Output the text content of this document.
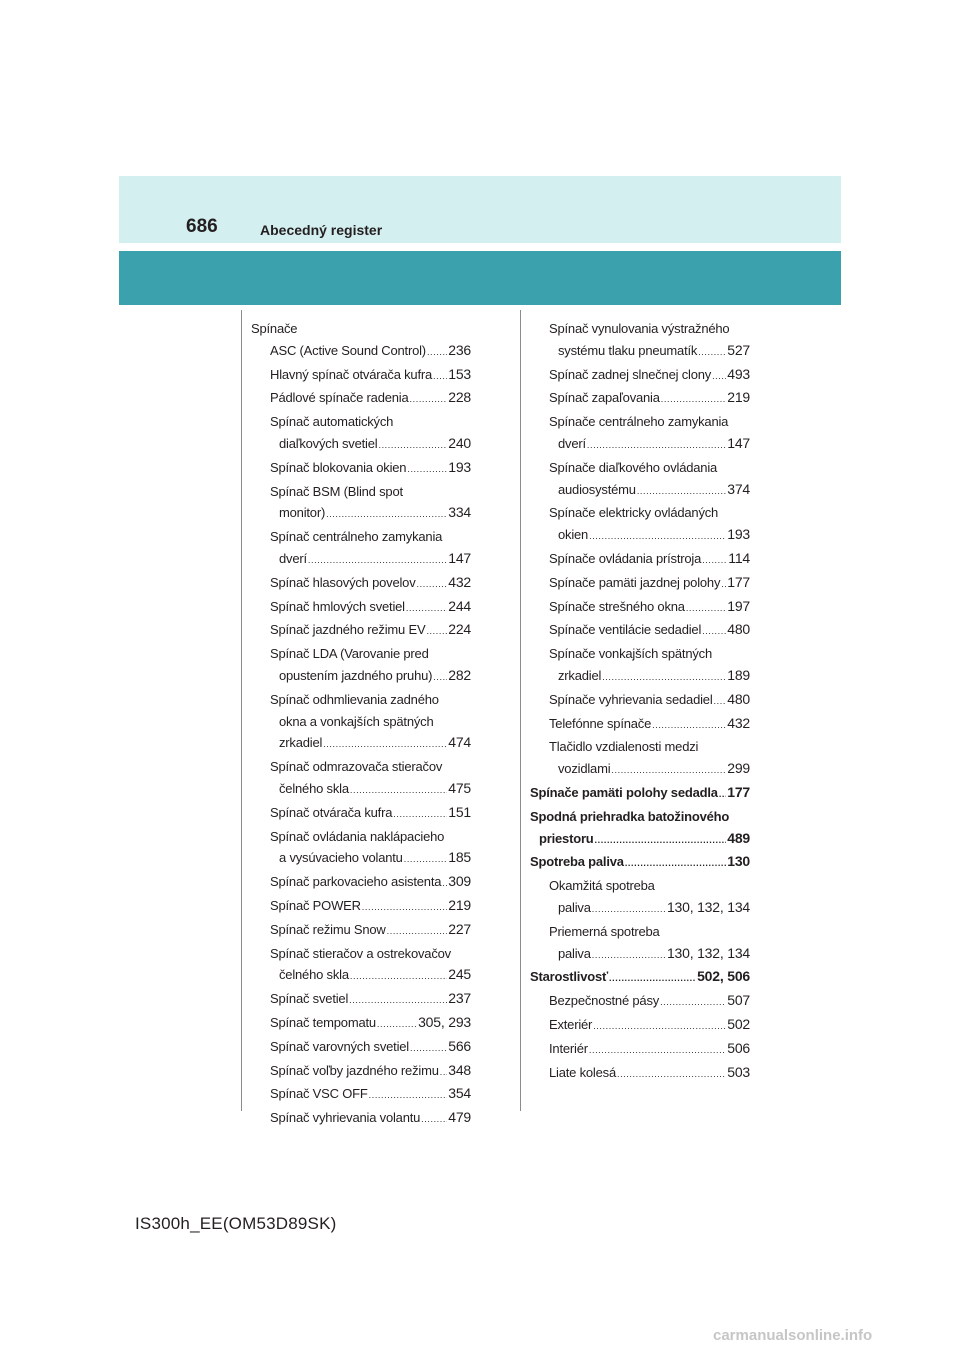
686	Abecedný register
Spínače
ASC (Active Sound Control) ..... 236
Hlavný spínač otvárača kufra ..... 153
Pádlové spínače radenia .....	228
Spínač automatických
diaľkových svetiel .....	240
Spínač blokovania okien .....	193
Spínač BSM (Blind spot
monitor) .....	334
Spínač centrálneho zamykania
dverí .....	147
Spínač hlasových povelov ..... 432
Spínač hmlových svetiel .....	244
Spínač jazdného režimu EV ..... 224
Spínač LDA (Varovanie pred
opustením jazdného pruhu) ..... 282
Spínač odhmlievania zadného
okna a vonkajších spätných
zrkadiel .....	474
Spínač odmrazovača stieračov
čelného skla .....	475
Spínač otvárača kufra .....	151
Spínač ovládania naklápacieho
a vysúvacieho volantu .....	185
Spínač parkovacieho asistenta ..... 309
Spínač POWER .....	219
Spínač režimu Snow .....	227
Spínač stieračov a ostrekovačov
čelného skla .....	245
Spínač svetiel .....	237
Spínač tempomatu .....	305, 293
Spínač varovných svetiel .....	566
Spínač voľby jazdného režimu ..... 348
Spínač VSC OFF .....	354
Spínač vyhrievania volantu ..... 479
Spínač vynulovania výstražného
systému tlaku pneumatík ..... 527
Spínač zadnej slnečnej clony ..... 493
Spínač zapaľovania .....	219
Spínače centrálneho zamykania
dverí .....	147
Spínače diaľkového ovládania
audiosystému .....	374
Spínače elektricky ovládaných
okien .....	193
Spínače ovládania prístroja ..... 114
Spínače pamäti jazdnej polohy ..... 177
Spínače strešného okna .....	197
Spínače ventilácie sedadiel ..... 480
Spínače vonkajších spätných
zrkadiel .....	189
Spínače vyhrievania sedadiel ..... 480
Telefónne spínače .....	432
Tlačidlo vzdialenosti medzi
vozidlami .....	299
Spínače pamäti polohy sedadla ..... 177
Spodná priehradka batožinového
priestoru .....	489
Spotreba paliva .....	130
Okamžitá spotreba
paliva .....	130, 132, 134
Priemerná spotreba
paliva .....	130, 132, 134
Starostlivosť .....	502, 506
Bezpečnostné pásy .....	507
Exteriér .....	502
Interiér .....	506
Liate kolesá .....	503
IS300h_EE(OM53D89SK)
carmanualsonline.info
